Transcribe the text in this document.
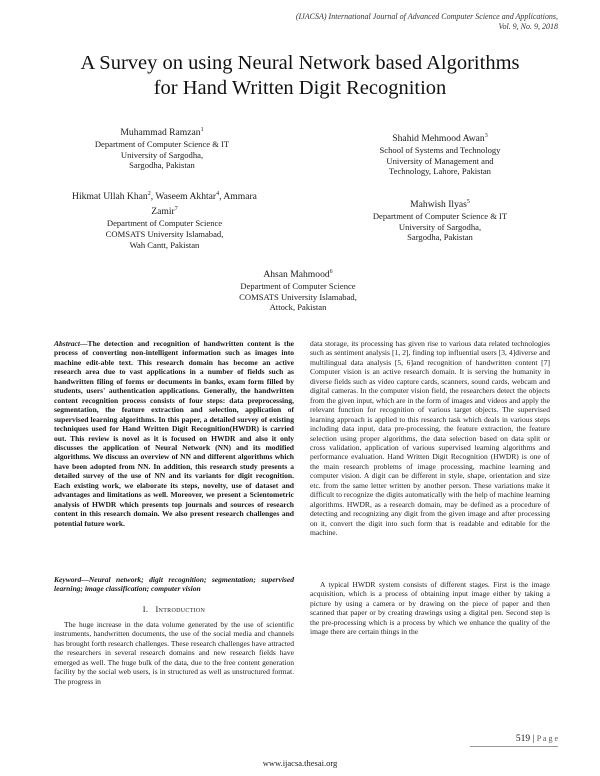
(IJACSA) International Journal of Advanced Computer Science and Applications,
Vol. 9, No. 9, 2018
A Survey on using Neural Network based Algorithms
for Hand Written Digit Recognition
Muhammad Ramzan$^1$
Department of Computer Science & IT
University of Sargodha,
Sargodha, Pakistan
Shahid Mehmood Awan$^3$
School of Systems and Technology
University of Management and
Technology, Lahore, Pakistan
Hikmat Ullah Khan$^2$, Waseem Akhtar$^4$, Ammara
Zamir$^7$
Department of Computer Science
COMSATS University Islamabad,
Wah Cantt, Pakistan
Mahwish Ilyas$^5$
Department of Computer Science & IT
University of Sargodha,
Sargodha, Pakistan
Ahsan Mahmood$^6$
Department of Computer Science
COMSATS University Islamabad,
Attock, Pakistan
Abstract—The detection and recognition of handwritten content is the process of converting non-intelligent information such as images into machine edit-able text. This research domain has become an active research area due to vast applications in a number of fields such as handwritten filing of forms or documents in banks, exam form filled by students, users' authentication applications. Generally, the handwritten content recognition process consists of four steps: data preprocessing, segmentation, the feature extraction and selection, application of supervised learning algorithms. In this paper, a detailed survey of existing techniques used for Hand Written Digit Recognition(HWDR) is carried out. This review is novel as it is focused on HWDR and also it only discusses the application of Neural Network (NN) and its modified algorithms. We discuss an overview of NN and different algorithms which have been adopted from NN. In addition, this research study presents a detailed survey of the use of NN and its variants for digit recognition. Each existing work, we elaborate its steps, novelty, use of dataset and advantages and limitations as well. Moreover, we present a Scientometric analysis of HWDR which presents top journals and sources of research content in this research domain. We also present research challenges and potential future work.
Keyword—Neural network; digit recognition; segmentation; supervised learning; image classification; computer vision
I. Introduction
The huge increase in the data volume generated by the use of scientific instruments, handwritten documents, the use of the social media and channels has brought forth research challenges. These research challenges have attracted the researchers in several research domains and new research fields have emerged as well. The huge bulk of the data, due to the free content generation facility by the social web users, is in structured as well as unstructured format. The progress in
data storage, its processing has given rise to various data related technologies such as sentiment analysis [1, 2], finding top influential users [3, 4]diverse and multilingual data analysis [5, 6]and recognition of handwritten content [7] Computer vision is an active research domain. It is serving the humanity in diverse fields such as video capture cards, scanners, sound cards, webcam and digital cameras. In the computer vision field, the researchers detect the objects from the given input, which are in the form of images and videos and apply the relevant function for recognition of various target objects. The supervised learning approach is applied to this research task which deals in various steps including data input, data pre-processing, the feature extraction, the feature selection using proper algorithms, the data selection based on data split or cross validation, application of various supervised learning algorithms and performance evaluation. Hand Written Digit Recognition (HWDR) is one of the main research problems of image processing, machine learning and computer vision. A digit can be different in style, shape, orientation and size etc. from the same letter written by another person. These variations make it difficult to recognize the digits automatically with the help of machine learning algorithms. HWDR, as a research domain, may be defined as a procedure of detecting and recognizing any digit from the given image and after processing on it, convert the digit into such form that is readable and editable for the machine.
A typical HWDR system consists of different stages. First is the image acquisition, which is a process of obtaining input image either by taking a picture by using a camera or by drawing on the piece of paper and then scanned that paper or by creating drawings using a digital pen. Second step is the pre-processing which is a process by which we enhance the quality of the image there are certain things in the
519 | P a g e
www.ijacsa.thesai.org
